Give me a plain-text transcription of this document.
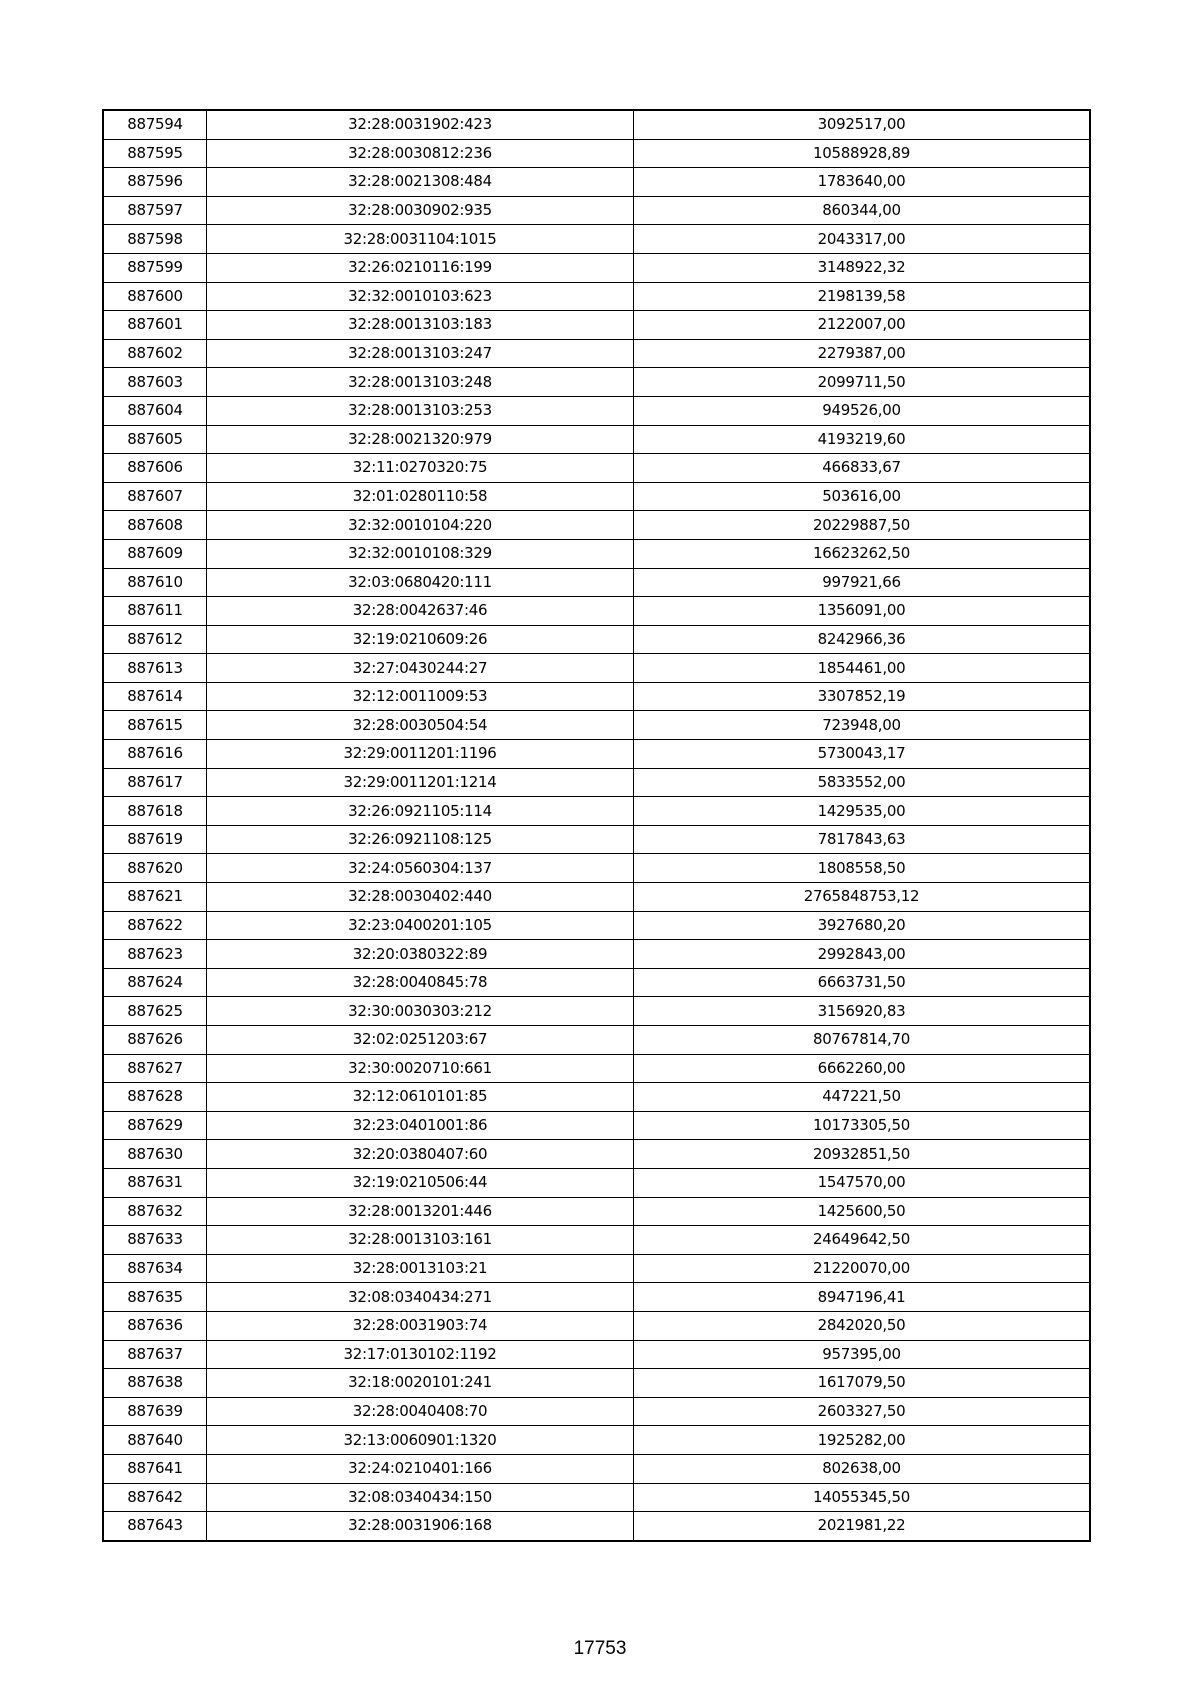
887594	32:28:0031902:423	3092517,00
887595	32:28:0030812:236	10588928,89
887596	32:28:0021308:484	1783640,00
887597	32:28:0030902:935	860344,00
887598	32:28:0031104:1015	2043317,00
887599	32:26:0210116:199	3148922,32
887600	32:32:0010103:623	2198139,58
887601	32:28:0013103:183	2122007,00
887602	32:28:0013103:247	2279387,00
887603	32:28:0013103:248	2099711,50
887604	32:28:0013103:253	949526,00
887605	32:28:0021320:979	4193219,60
887606	32:11:0270320:75	466833,67
887607	32:01:0280110:58	503616,00
887608	32:32:0010104:220	20229887,50
887609	32:32:0010108:329	16623262,50
887610	32:03:0680420:111	997921,66
887611	32:28:0042637:46	1356091,00
887612	32:19:0210609:26	8242966,36
887613	32:27:0430244:27	1854461,00
887614	32:12:0011009:53	3307852,19
887615	32:28:0030504:54	723948,00
887616	32:29:0011201:1196	5730043,17
887617	32:29:0011201:1214	5833552,00
887618	32:26:0921105:114	1429535,00
887619	32:26:0921108:125	7817843,63
887620	32:24:0560304:137	1808558,50
887621	32:28:0030402:440	2765848753,12
887622	32:23:0400201:105	3927680,20
887623	32:20:0380322:89	2992843,00
887624	32:28:0040845:78	6663731,50
887625	32:30:0030303:212	3156920,83
887626	32:02:0251203:67	80767814,70
887627	32:30:0020710:661	6662260,00
887628	32:12:0610101:85	447221,50
887629	32:23:0401001:86	10173305,50
887630	32:20:0380407:60	20932851,50
887631	32:19:0210506:44	1547570,00
887632	32:28:0013201:446	1425600,50
887633	32:28:0013103:161	24649642,50
887634	32:28:0013103:21	21220070,00
887635	32:08:0340434:271	8947196,41
887636	32:28:0031903:74	2842020,50
887637	32:17:0130102:1192	957395,00
887638	32:18:0020101:241	1617079,50
887639	32:28:0040408:70	2603327,50
887640	32:13:0060901:1320	1925282,00
887641	32:24:0210401:166	802638,00
887642	32:08:0340434:150	14055345,50
887643	32:28:0031906:168	2021981,22
17753
